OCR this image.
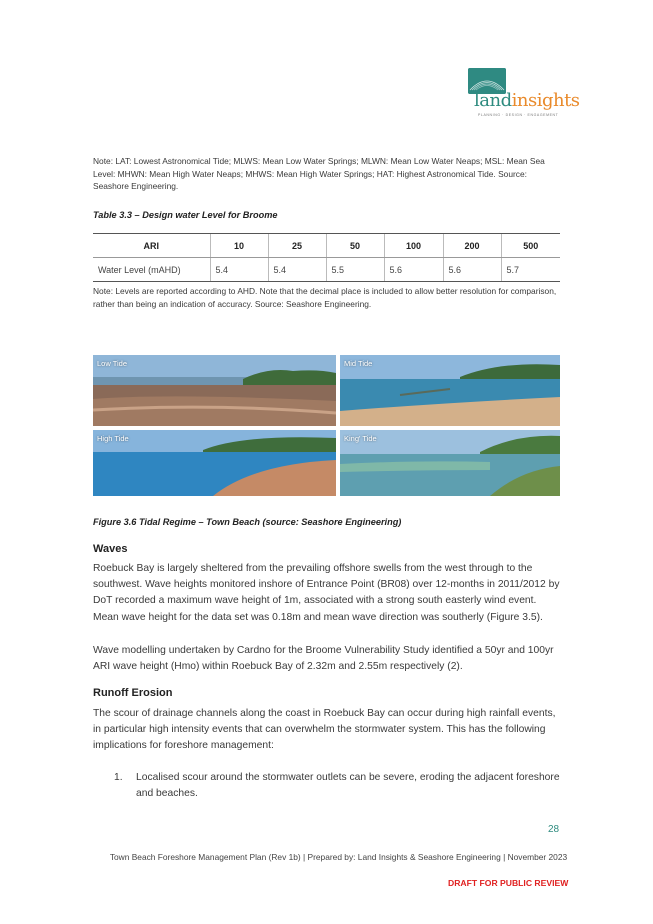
landinsights
PLANNING · DESIGN · ENGAGEMENT
Note: LAT: Lowest Astronomical Tide; MLWS: Mean Low Water Springs; MLWN: Mean Low Water Neaps; MSL: Mean Sea Level: MHWN: Mean High Water Neaps; MHWS: Mean High Water Springs; HAT: Highest Astronomical Tide. Source: Seashore Engineering.
Table 3.3 – Design water Level for Broome
ARI	10	25	50	100	200	500
Water Level (mAHD)	5.4	5.4	5.5	5.6	5.6	5.7
Note: Levels are reported according to AHD. Note that the decimal place is included to allow better resolution for comparison, rather than being an indication of accuracy. Source: Seashore Engineering.
Low Tide	Mid Tide
High Tide	King' Tide
Figure 3.6 Tidal Regime – Town Beach (source: Seashore Engineering)
Waves
Roebuck Bay is largely sheltered from the prevailing offshore swells from the west through to the southwest. Wave heights monitored inshore of Entrance Point (BR08) over 12-months in 2011/2012 by DoT recorded a maximum wave height of 1m, associated with a strong south easterly wind event. Mean wave height for the data set was 0.18m and mean wave direction was southerly (Figure 3.5).
Wave modelling undertaken by Cardno for the Broome Vulnerability Study identified a 50yr and 100yr ARI wave height (Hmo) within Roebuck Bay of 2.32m and 2.55m respectively (2).
Runoff Erosion
The scour of drainage channels along the coast in Roebuck Bay can occur during high rainfall events, in particular high intensity events that can overwhelm the stormwater system. This has the following implications for foreshore management:
1.	Localised scour around the stormwater outlets can be severe, eroding the adjacent foreshore and beaches.
28
Town Beach Foreshore Management Plan (Rev 1b) | Prepared by: Land Insights & Seashore Engineering | November 2023
DRAFT FOR PUBLIC REVIEW
